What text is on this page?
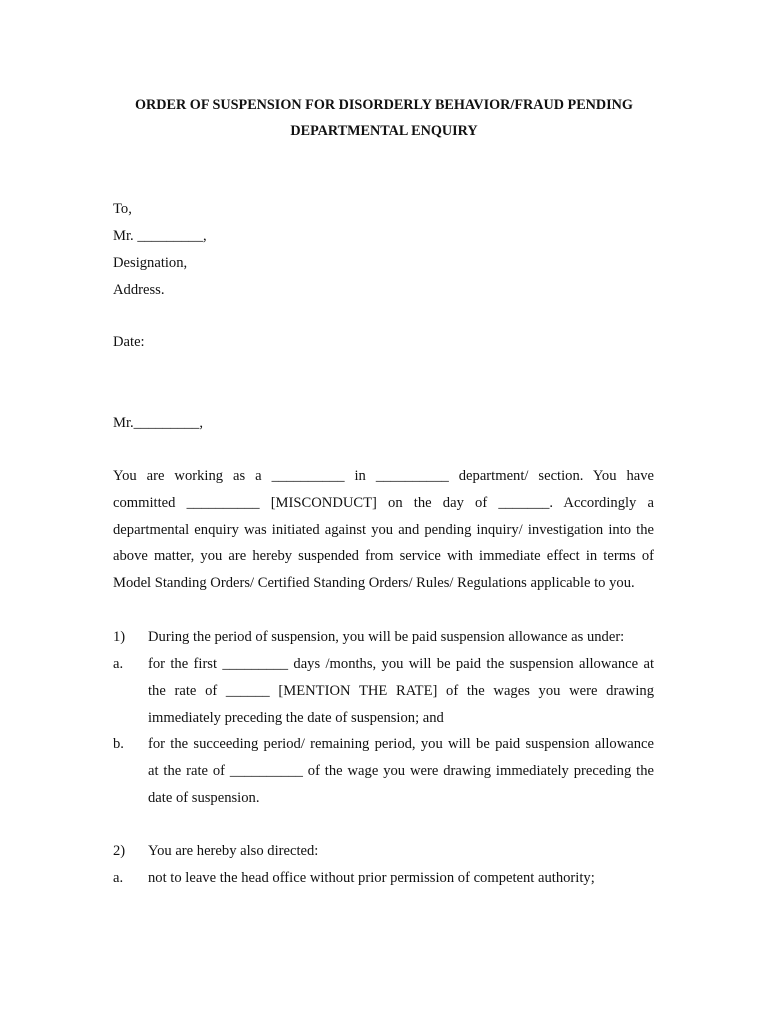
ORDER OF SUSPENSION FOR DISORDERLY BEHAVIOR/FRAUD PENDING
DEPARTMENTAL ENQUIRY
To,
Mr. _________,
Designation,
Address.
Date:
Mr._________,
You are working as a __________ in __________ department/ section. You have
committed __________ [MISCONDUCT] on the day of _______. Accordingly a
departmental enquiry was initiated against you and pending inquiry/ investigation into the
above matter, you are hereby suspended from service with immediate effect in terms of
Model Standing Orders/ Certified Standing Orders/ Rules/ Regulations applicable to you.
1) During the period of suspension, you will be paid suspension allowance as under:
a. for the first _________ days /months, you will be paid the suspension allowance at
the rate of ______ [MENTION THE RATE] of the wages you were drawing
immediately preceding the date of suspension; and
b. for the succeeding period/ remaining period, you will be paid suspension allowance
at the rate of __________ of the wage you were drawing immediately preceding the
date of suspension.
2) You are hereby also directed:
a. not to leave the head office without prior permission of competent authority;
